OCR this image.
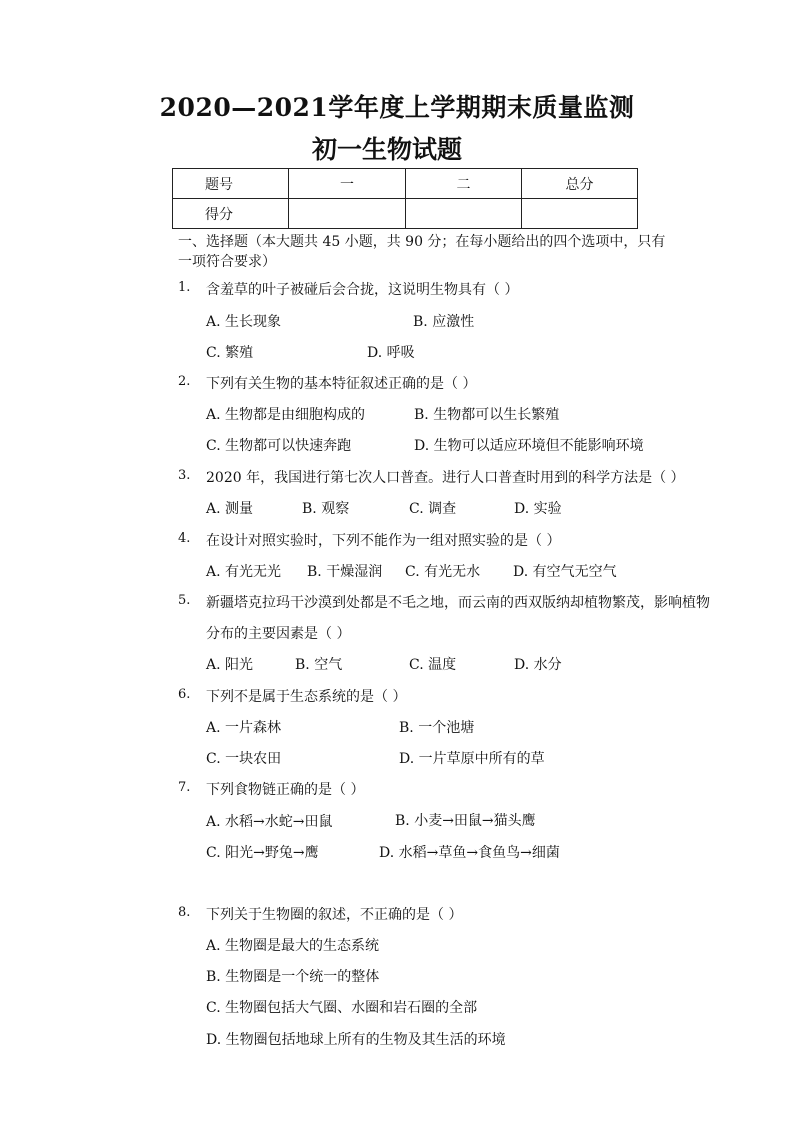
2020—2021学年度上学期期末质量监测
初一生物试题
题号	一	二	总分
得分			
一、选择题（本大题共 45 小题，共 90 分；在每小题给出的四个选项中，只有一项符合要求）
1. 含羞草的叶子被碰后会合拢，这说明生物具有（ ）
A. 生长现象	B. 应激性
C. 繁殖	D. 呼吸
2. 下列有关生物的基本特征叙述正确的是（ ）
A. 生物都是由细胞构成的	B. 生物都可以生长繁殖
C. 生物都可以快速奔跑	D. 生物可以适应环境但不能影响环境
3. 2020 年，我国进行第七次人口普查。进行人口普查时用到的科学方法是（ ）
A. 测量	B. 观察	C. 调查	D. 实验
4. 在设计对照实验时，下列不能作为一组对照实验的是（ ）
A. 有光无光 B. 干燥湿润 C. 有光无水 D. 有空气无空气
5. 新疆塔克拉玛干沙漠到处都是不毛之地，而云南的西双版纳却植物繁茂，影响植物
分布的主要因素是（ ）
A. 阳光	B. 空气	C. 温度	D. 水分
6. 下列不是属于生态系统的是（ ）
A. 一片森林	B. 一个池塘
C. 一块农田	D. 一片草原中所有的草
7. 下列食物链正确的是（ ）
A. 水稻→水蛇→田鼠	B. 小麦→田鼠→猫头鹰
C. 阳光→野兔→鹰	D. 水稻→草鱼→食鱼鸟→细菌
8. 下列关于生物圈的叙述，不正确的是（ ）
A. 生物圈是最大的生态系统
B. 生物圈是一个统一的整体
C. 生物圈包括大气圈、水圈和岩石圈的全部
D. 生物圈包括地球上所有的生物及其生活的环境
